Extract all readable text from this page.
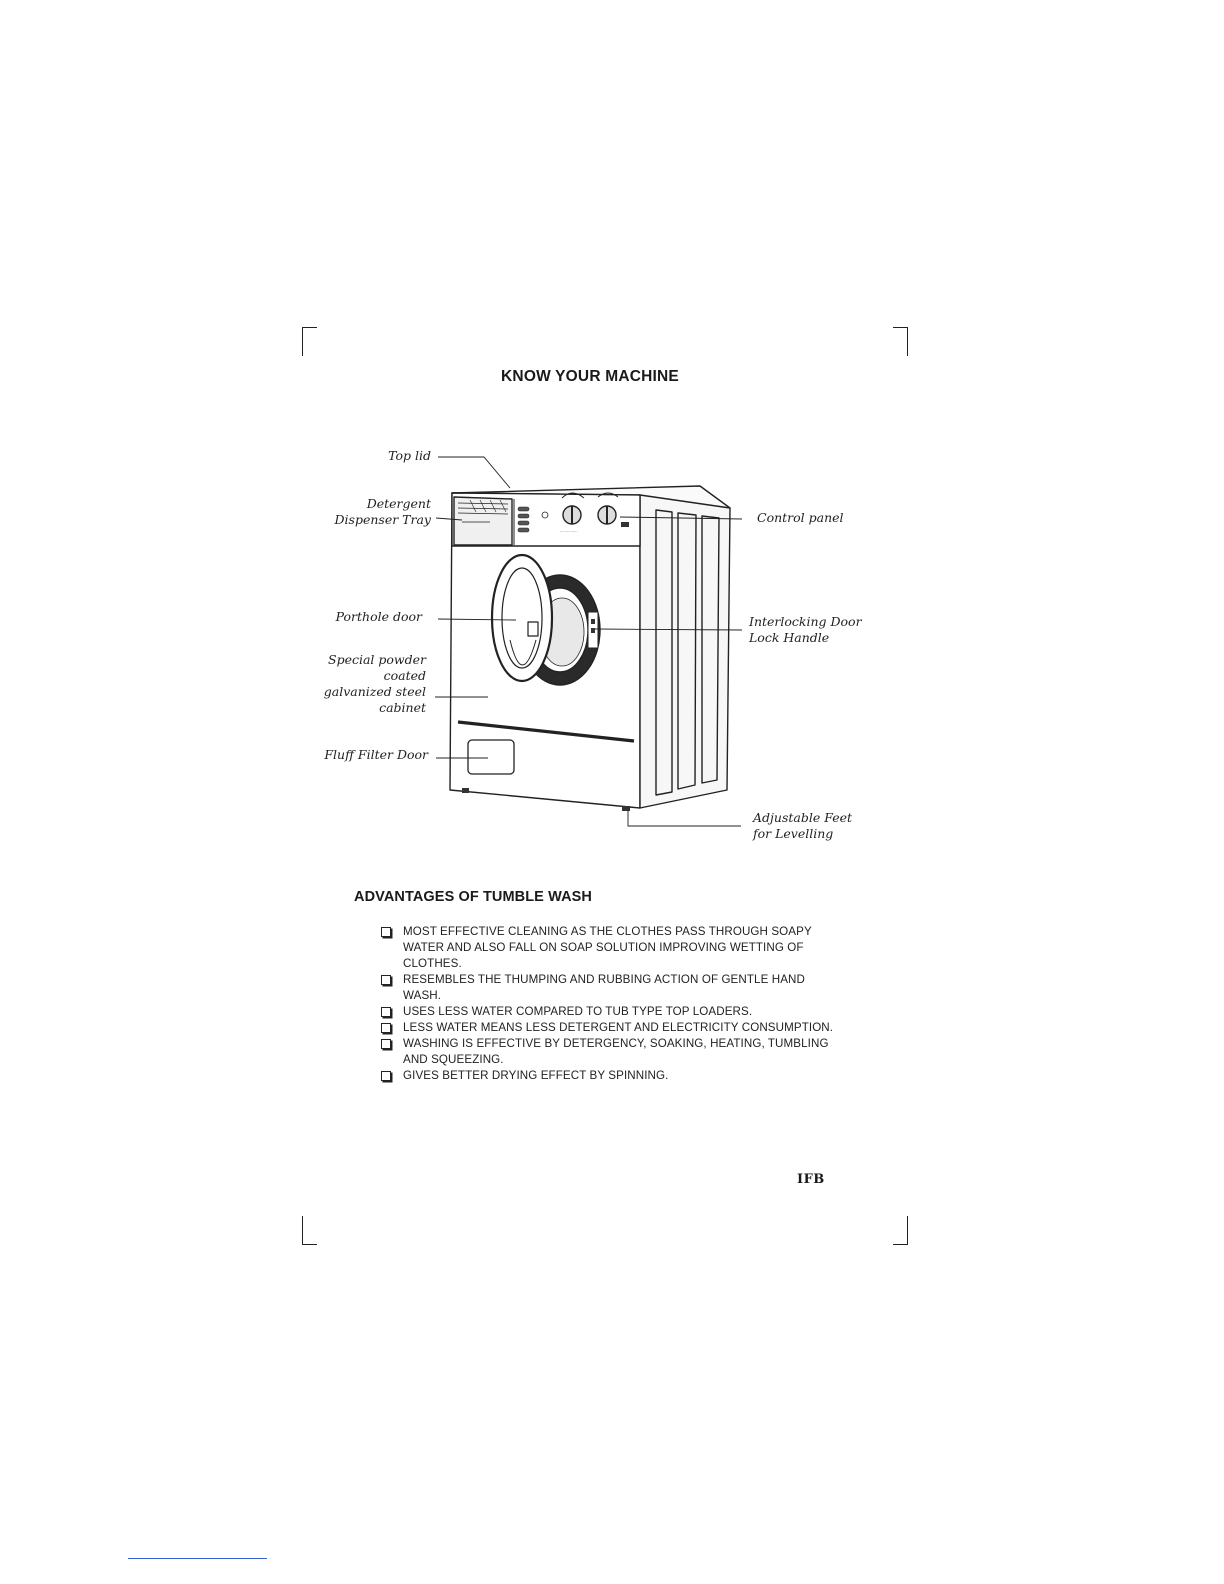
KNOW YOUR MACHINE
⋯⋯⋯⋯⋯
Top lid
Detergent
Dispenser Tray	Control panel
Porthole door	Interlocking Door
Lock Handle
Special powder
coated
galvanized steel
cabinet
Fluff Filter Door
Adjustable Feet
for Levelling
ADVANTAGES OF TUMBLE WASH
MOST EFFECTIVE CLEANING AS THE CLOTHES PASS THROUGH SOAPY
WATER AND ALSO FALL ON SOAP SOLUTION IMPROVING WETTING OF
CLOTHES.
RESEMBLES THE THUMPING AND RUBBING ACTION OF GENTLE HAND
WASH.
USES LESS WATER COMPARED TO TUB TYPE TOP LOADERS.
LESS WATER MEANS LESS DETERGENT AND ELECTRICITY CONSUMPTION.
WASHING IS EFFECTIVE BY DETERGENCY, SOAKING, HEATING, TUMBLING
AND SQUEEZING.
GIVES BETTER DRYING EFFECT BY SPINNING.
IFB
